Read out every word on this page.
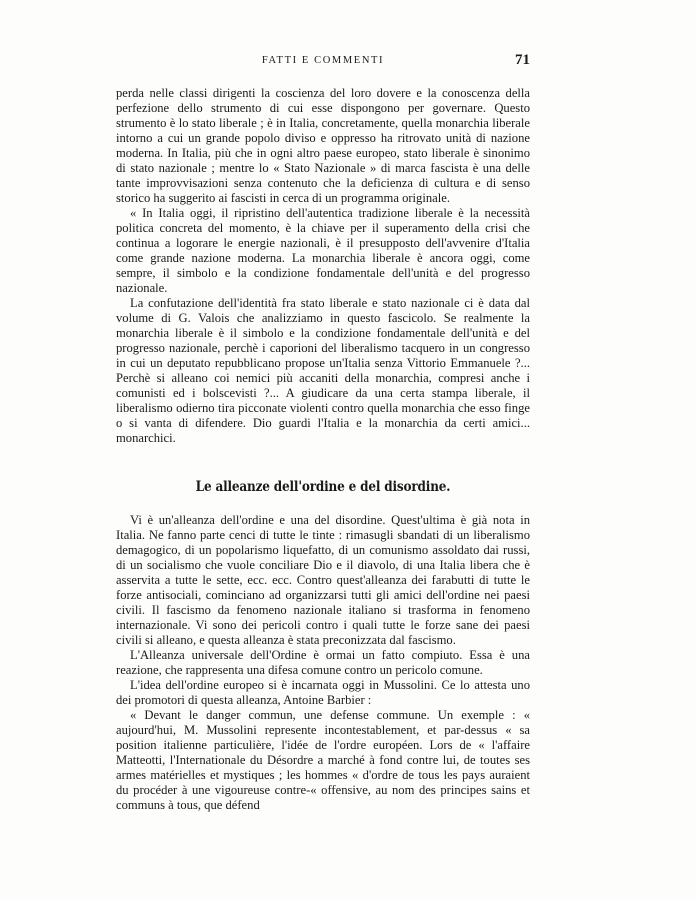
FATTI E COMMENTI	71

perda nelle classi dirigenti la coscienza del loro dovere e la conoscenza della perfezione dello strumento di cui esse dispongono per governare. Questo strumento è lo stato liberale ; è in Italia, concretamente, quella monarchia liberale intorno a cui un grande popolo diviso e oppresso ha ritrovato unità di nazione moderna. In Italia, più che in ogni altro paese europeo, stato liberale è sinonimo di stato nazionale ; mentre lo « Stato Nazionale » di marca fascista è una delle tante improvvisazioni senza contenuto che la deficienza di cultura e di senso storico ha suggerito ai fascisti in cerca di un programma originale.

« In Italia oggi, il ripristino dell'autentica tradizione liberale è la necessità politica concreta del momento, è la chiave per il superamento della crisi che continua a logorare le energie nazionali, è il presupposto dell'avvenire d'Italia come grande nazione moderna. La monarchia liberale è ancora oggi, come sempre, il simbolo e la condizione fondamentale dell'unità e del progresso nazionale.

La confutazione dell'identità fra stato liberale e stato nazionale ci è data dal volume di G. Valois che analizziamo in questo fascicolo. Se realmente la monarchia liberale è il simbolo e la condizione fondamentale dell'unità e del progresso nazionale, perchè i caporioni del liberalismo tacquero in un congresso in cui un deputato repubblicano propose un'Italia senza Vittorio Emmanuele ?... Perchè si alleano coi nemici più accaniti della monarchia, compresi anche i comunisti ed i bolscevisti ?... A giudicare da una certa stampa liberale, il liberalismo odierno tira picconate violenti contro quella monarchia che esso finge o si vanta di difendere. Dio guardi l'Italia e la monarchia da certi amici... monarchici.

Le alleanze dell'ordine e del disordine.

Vi è un'alleanza dell'ordine e una del disordine. Quest'ultima è già nota in Italia. Ne fanno parte cenci di tutte le tinte : rimasugli sbandati di un liberalismo demagogico, di un popolarismo liquefatto, di un comunismo assoldato dai russi, di un socialismo che vuole conciliare Dio e il diavolo, di una Italia libera che è asservita a tutte le sette, ecc. ecc. Contro quest'alleanza dei farabutti di tutte le forze antisociali, cominciano ad organizzarsi tutti gli amici dell'ordine nei paesi civili. Il fascismo da fenomeno nazionale italiano si trasforma in fenomeno internazionale. Vi sono dei pericoli contro i quali tutte le forze sane dei paesi civili si alleano, e questa alleanza è stata preconizzata dal fascismo.

L'Alleanza universale dell'Ordine è ormai un fatto compiuto. Essa è una reazione, che rappresenta una difesa comune contro un pericolo comune.

L'idea dell'ordine europeo si è incarnata oggi in Mussolini. Ce lo attesta uno dei promotori di questa alleanza, Antoine Barbier :

« Devant le danger commun, une defense commune. Un exemple : « aujourd'hui, M. Mussolini represente incontestablement, et par-dessus « sa position italienne particulière, l'idée de l'ordre européen. Lors de « l'affaire Matteotti, l'Internationale du Désordre a marché à fond contre lui, de toutes ses armes matérielles et mystiques ; les hommes « d'ordre de tous les pays auraient du procéder à une vigoureuse contre-« offensive, au nom des principes sains et communs à tous, que défend
